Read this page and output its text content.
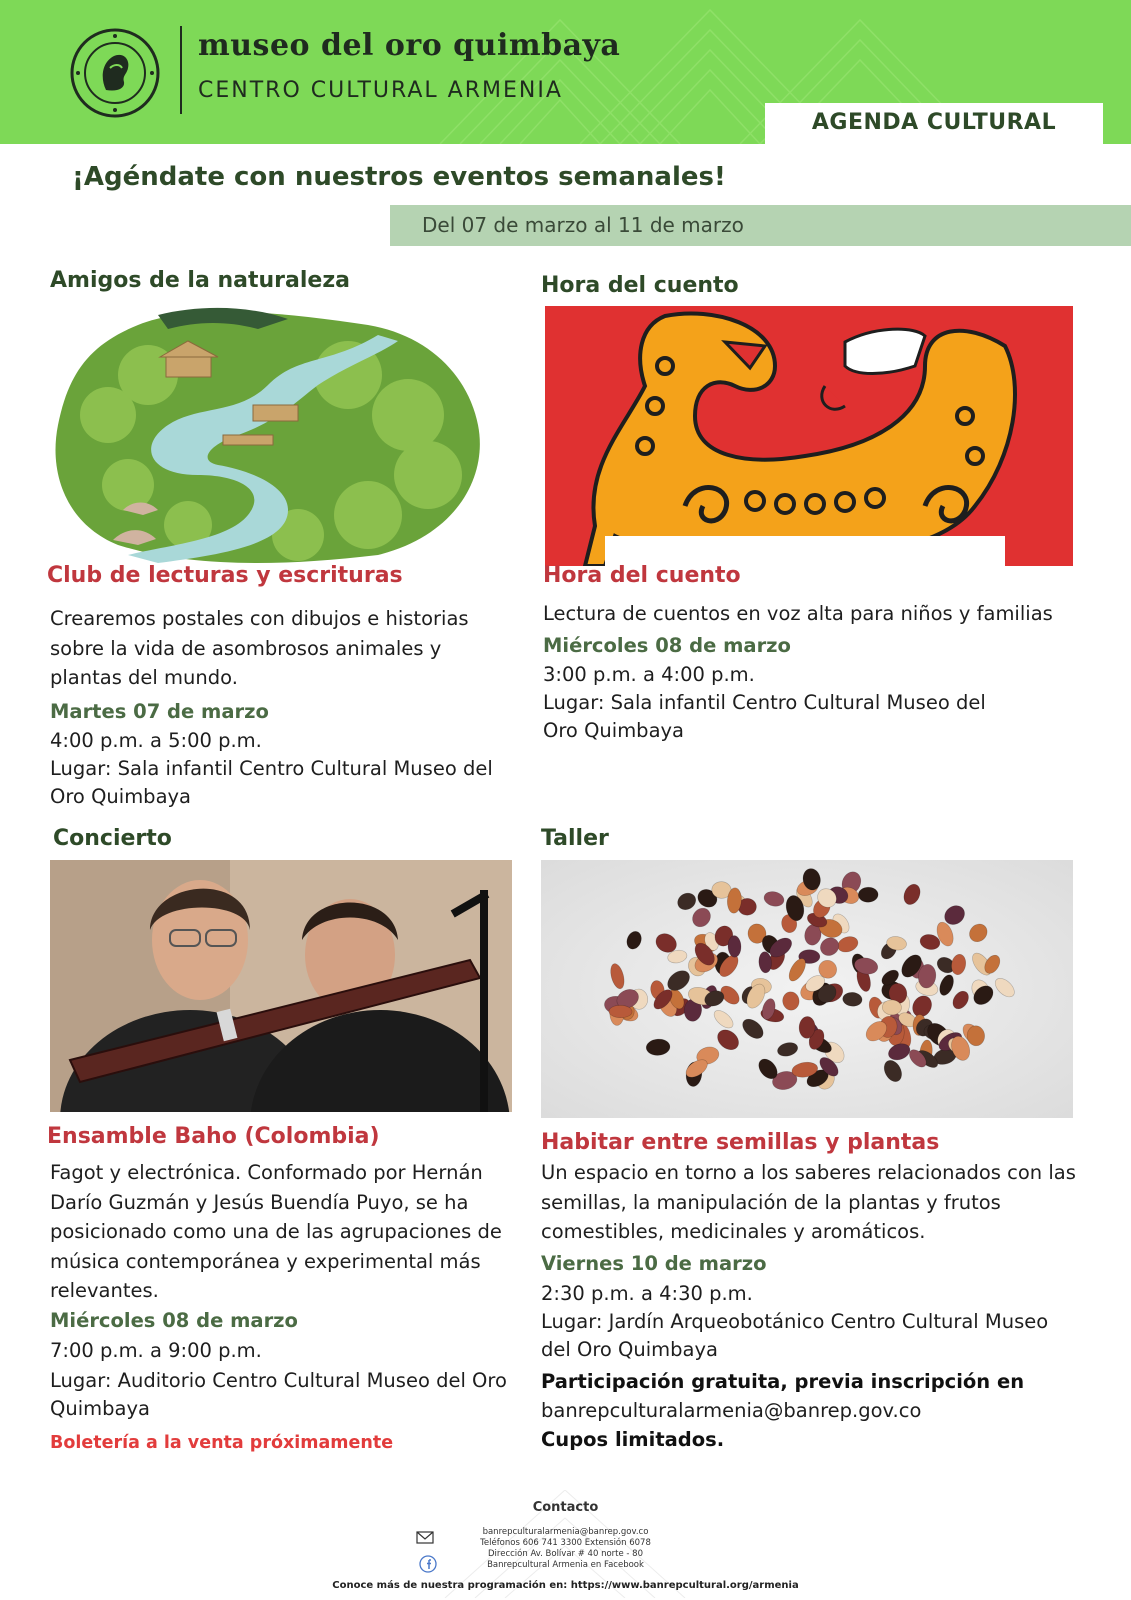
museo del oro quimbaya
CENTRO CULTURAL ARMENIA
AGENDA CULTURAL
¡Agéndate con nuestros eventos semanales!
Del 07 de marzo al 11 de marzo
Amigos de la naturaleza
Club de lecturas y escrituras
Crearemos postales con dibujos e historias sobre la vida de asombrosos animales y plantas del mundo.
Martes 07 de marzo
4:00 p.m. a 5:00 p.m.
Lugar: Sala infantil Centro Cultural Museo del Oro Quimbaya
Hora del cuento
Hora del cuento
Lectura de cuentos en voz alta para niños y familias
Miércoles 08 de marzo
3:00 p.m. a 4:00 p.m.
Lugar: Sala infantil Centro Cultural Museo del Oro Quimbaya
Concierto
Ensamble Baho (Colombia)
Fagot y electrónica. Conformado por Hernán Darío Guzmán y Jesús Buendía Puyo, se ha posicionado como una de las agrupaciones de música contemporánea y experimental más relevantes.
Miércoles 08 de marzo
7:00 p.m. a 9:00 p.m.
Lugar: Auditorio Centro Cultural Museo del Oro Quimbaya
Boletería a la venta próximamente
Taller
Habitar entre semillas y plantas
Un espacio en torno a los saberes relacionados con las semillas, la manipulación de la plantas y frutos comestibles, medicinales y aromáticos.
Viernes 10 de marzo
2:30 p.m. a 4:30 p.m.
Lugar: Jardín Arqueobotánico Centro Cultural Museo del Oro Quimbaya
Participación gratuita, previa inscripción en
banrepculturalarmenia@banrep.gov.co
Cupos limitados.
Contacto
banrepculturalarmenia@banrep.gov.co
Teléfonos 606 741 3300 Extensión 6078
Dirección Av. Bolívar # 40 norte - 80
Banrepcultural Armenia en Facebook
Conoce más de nuestra programación en: https://www.banrepcultural.org/armenia
